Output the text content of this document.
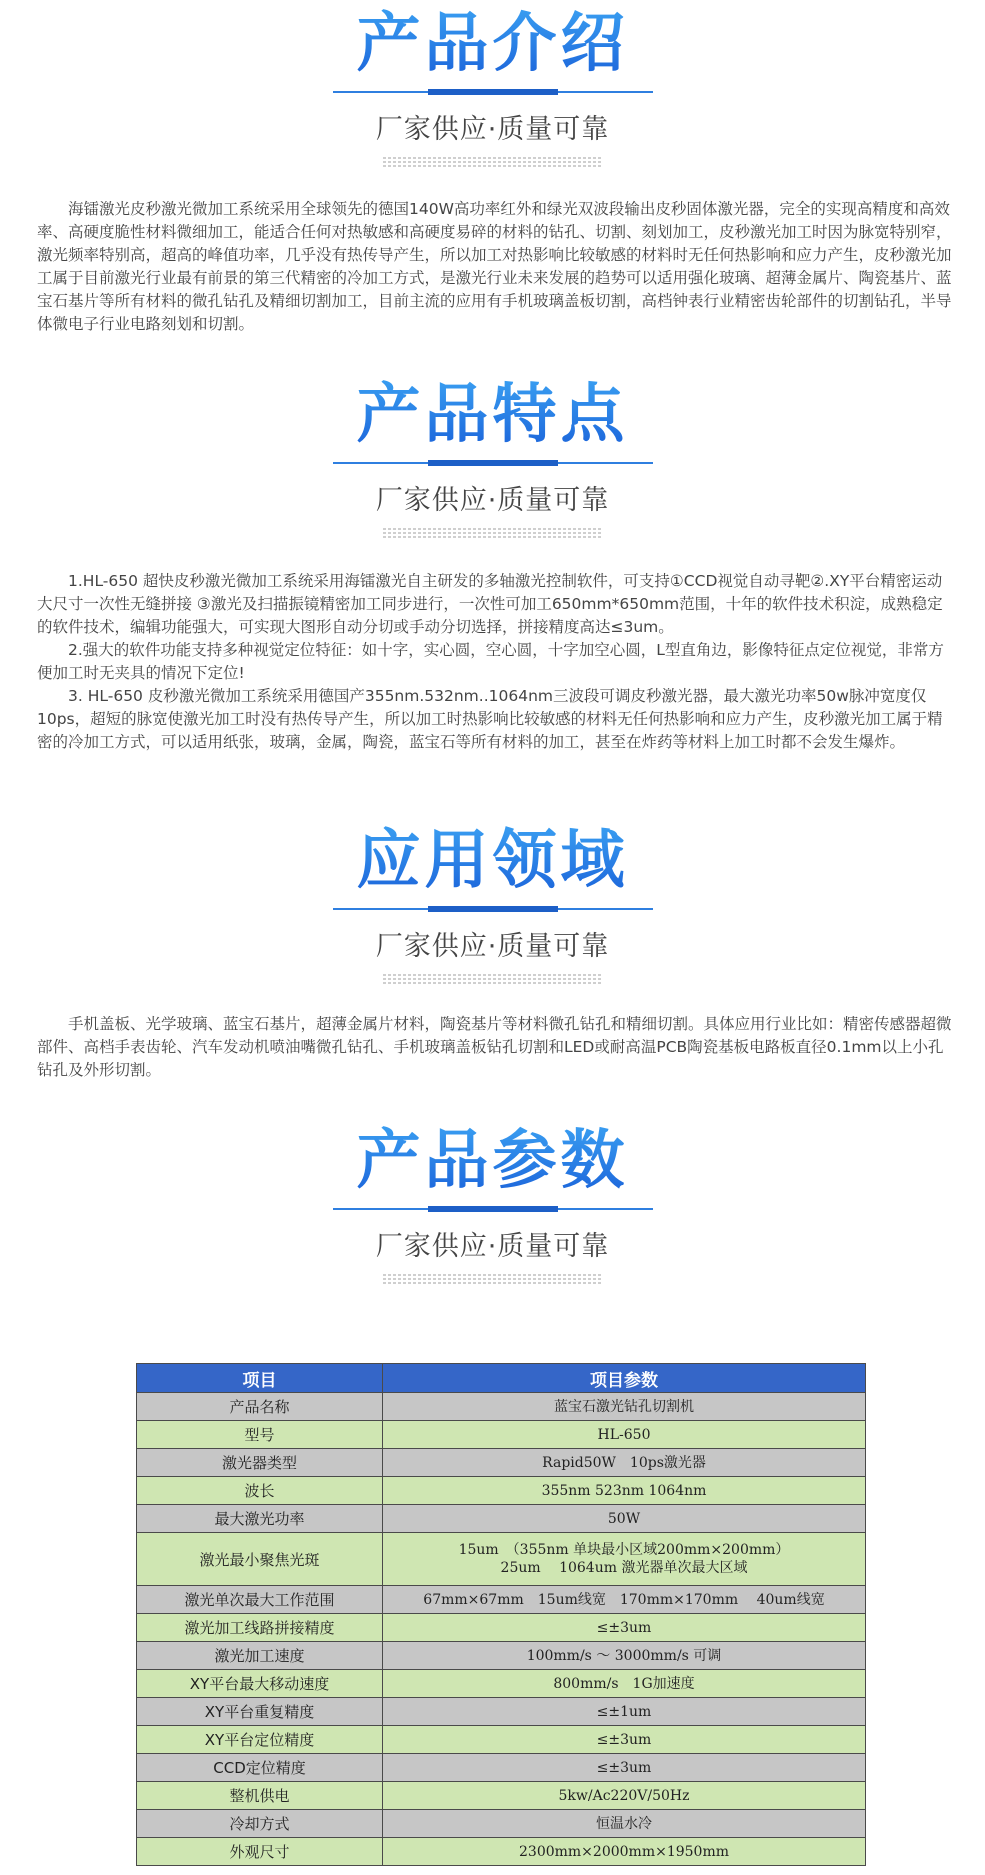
产品介绍
厂家供应·质量可靠

海镭激光皮秒激光微加工系统采用全球领先的德国140W高功率红外和绿光双波段输出皮秒固体激光器，完全的实现高精度和高效率、高硬度脆性材料微细加工，能适合任何对热敏感和高硬度易碎的材料的钻孔、切割、刻划加工，皮秒激光加工时因为脉宽特别窄，激光频率特别高，超高的峰值功率，几乎没有热传导产生，所以加工对热影响比较敏感的材料时无任何热影响和应力产生，皮秒激光加工属于目前激光行业最有前景的第三代精密的冷加工方式，是激光行业未来发展的趋势可以适用强化玻璃、超薄金属片、陶瓷基片、蓝宝石基片等所有材料的微孔钻孔及精细切割加工，目前主流的应用有手机玻璃盖板切割，高档钟表行业精密齿轮部件的切割钻孔，半导体微电子行业电路刻划和切割。

产品特点
厂家供应·质量可靠

1.HL-650 超快皮秒激光微加工系统采用海镭激光自主研发的多轴激光控制软件，可支持①CCD视觉自动寻靶②.XY平台精密运动大尺寸一次性无缝拼接 ③激光及扫描振镜精密加工同步进行，一次性可加工650mm*650mm范围，十年的软件技术积淀，成熟稳定的软件技术，编辑功能强大，可实现大图形自动分切或手动分切选择，拼接精度高达≤3um。

2.强大的软件功能支持多种视觉定位特征：如十字，实心圆，空心圆，十字加空心圆，L型直角边，影像特征点定位视觉，非常方便加工时无夹具的情况下定位!

3. HL-650 皮秒激光微加工系统采用德国产355nm.532nm..1064nm三波段可调皮秒激光器，最大激光功率50w脉冲宽度仅10ps，超短的脉宽使激光加工时没有热传导产生，所以加工时热影响比较敏感的材料无任何热影响和应力产生，皮秒激光加工属于精密的冷加工方式，可以适用纸张，玻璃，金属，陶瓷，蓝宝石等所有材料的加工，甚至在炸药等材料上加工时都不会发生爆炸。

应用领域
厂家供应·质量可靠

手机盖板、光学玻璃、蓝宝石基片，超薄金属片材料，陶瓷基片等材料微孔钻孔和精细切割。具体应用行业比如：精密传感器超微部件、高档手表齿轮、汽车发动机喷油嘴微孔钻孔、手机玻璃盖板钻孔切割和LED或耐高温PCB陶瓷基板电路板直径0.1mm以上小孔钻孔及外形切割。

产品参数
厂家供应·质量可靠
项目	项目参数
产品名称	蓝宝石激光钻孔切割机

型号	HL-650

激光器类型	Rapid50W　10ps激光器

波长	355nm 523nm 1064nm

最大激光功率	50W

激光最小聚焦光斑	15um　（355nm 单块最小区域200mm×200mm）
25um　 1064um 激光器单次最大区域

激光单次最大工作范围	67mm×67mm　15um线宽　170mm×170mm　 40um线宽

激光加工线路拼接精度	≤±3um

激光加工速度	100mm/s ～ 3000mm/s 可调

XY平台最大移动速度	800mm/s　1G加速度

XY平台重复精度	≤±1um

XY平台定位精度	≤±3um

CCD定位精度	≤±3um

整机供电	5kw/Ac220V/50Hz

冷却方式	恒温水冷

外观尺寸	2300mm×2000mm×1950mm
